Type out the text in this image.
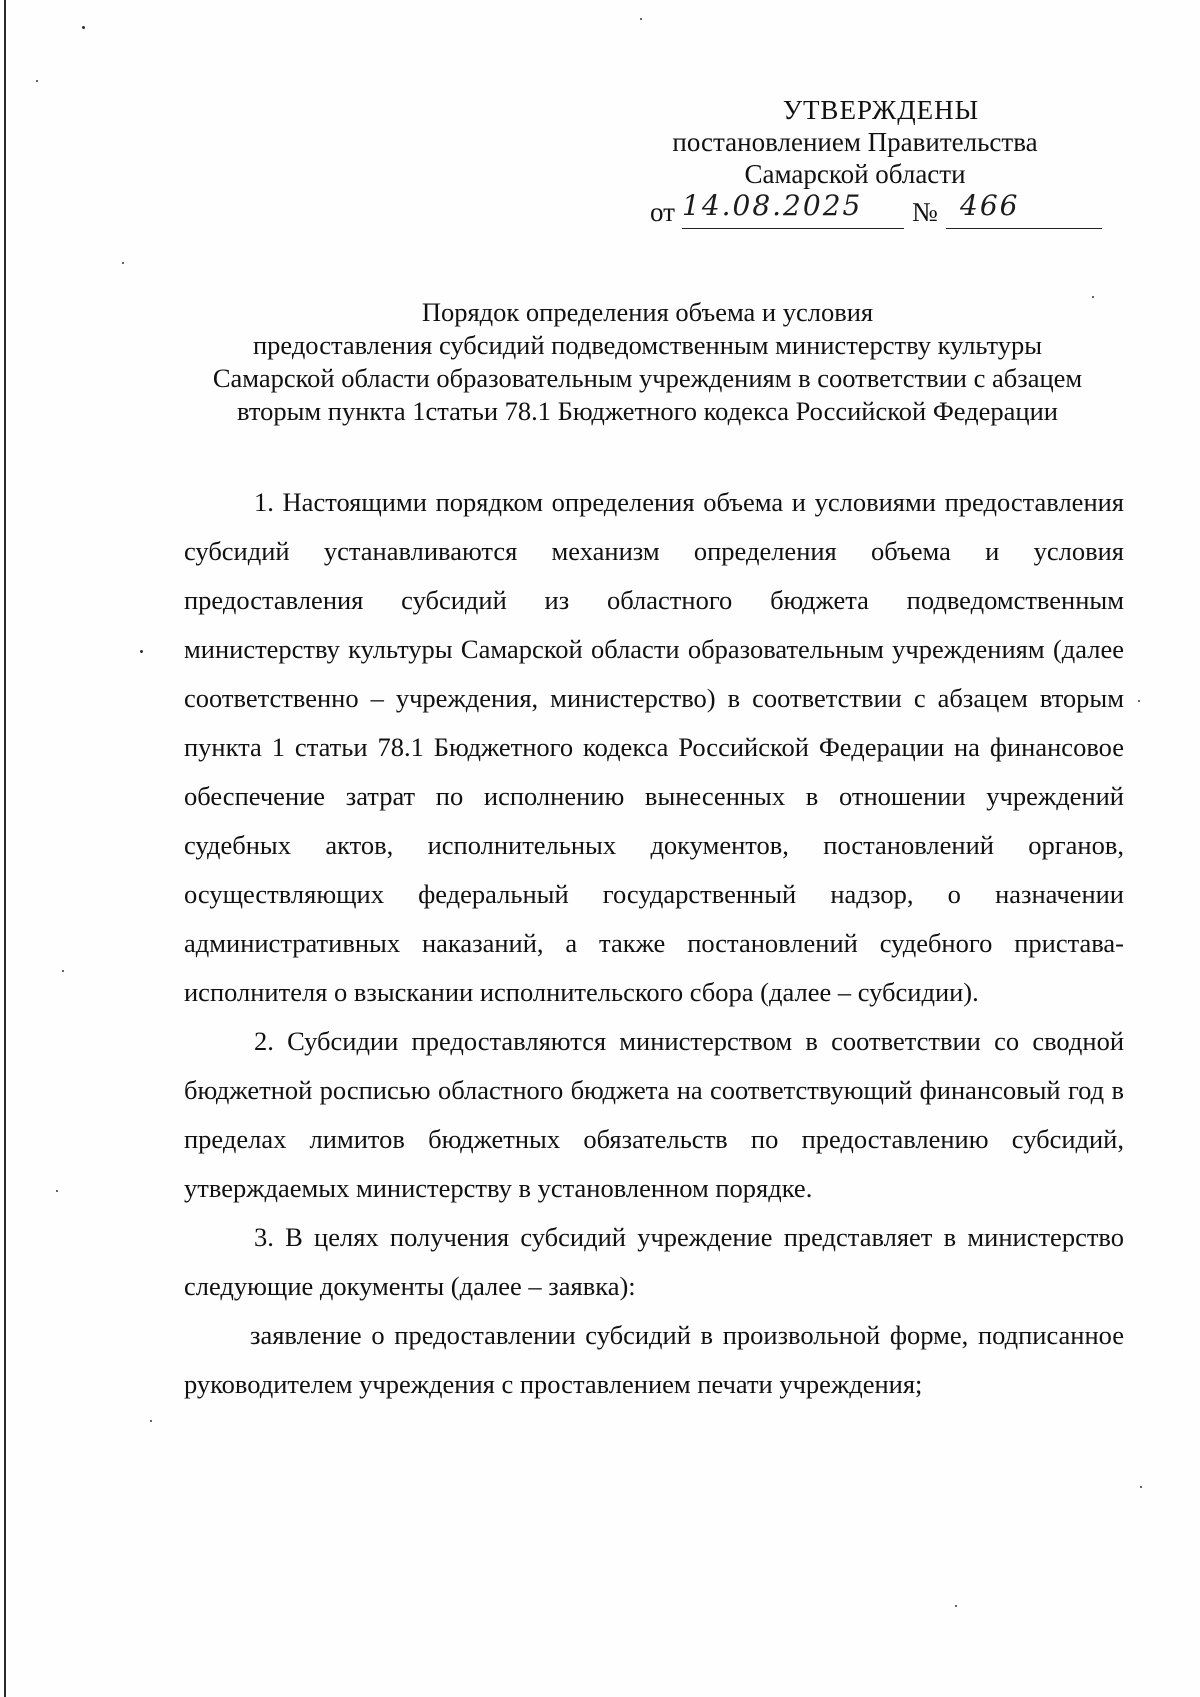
УТВЕРЖДЕНЫ
постановлением Правительства
Самарской области
от 14.08.2025 № 466
Порядок определения объема и условия
предоставления субсидий подведомственным министерству культуры
Самарской области образовательным учреждениям в соответствии с абзацем
вторым пункта 1статьи 78.1 Бюджетного кодекса Российской Федерации

1. Настоящими порядком определения объема и условиями предоставления субсидий устанавливаются механизм определения объема и условия предоставления субсидий из областного бюджета подведомственным министерству культуры Самарской области образовательным учреждениям (далее соответственно – учреждения, министерство) в соответствии с абзацем вторым пункта 1 статьи 78.1 Бюджетного кодекса Российской Федерации на финансовое обеспечение затрат по исполнению вынесенных в отношении учреждений судебных актов, исполнительных документов, постановлений органов, осуществляющих федеральный государственный надзор, о назначении административных наказаний, а также постановлений судебного пристава-исполнителя о взыскании исполнительского сбора (далее – субсидии).

2. Субсидии предоставляются министерством в соответствии со сводной бюджетной росписью областного бюджета на соответствующий финансовый год в пределах лимитов бюджетных обязательств по предоставлению субсидий, утверждаемых министерству в установленном порядке.

3. В целях получения субсидий учреждение представляет в министерство следующие документы (далее – заявка):

заявление о предоставлении субсидий в произвольной форме, подписанное руководителем учреждения с проставлением печати учреждения;
